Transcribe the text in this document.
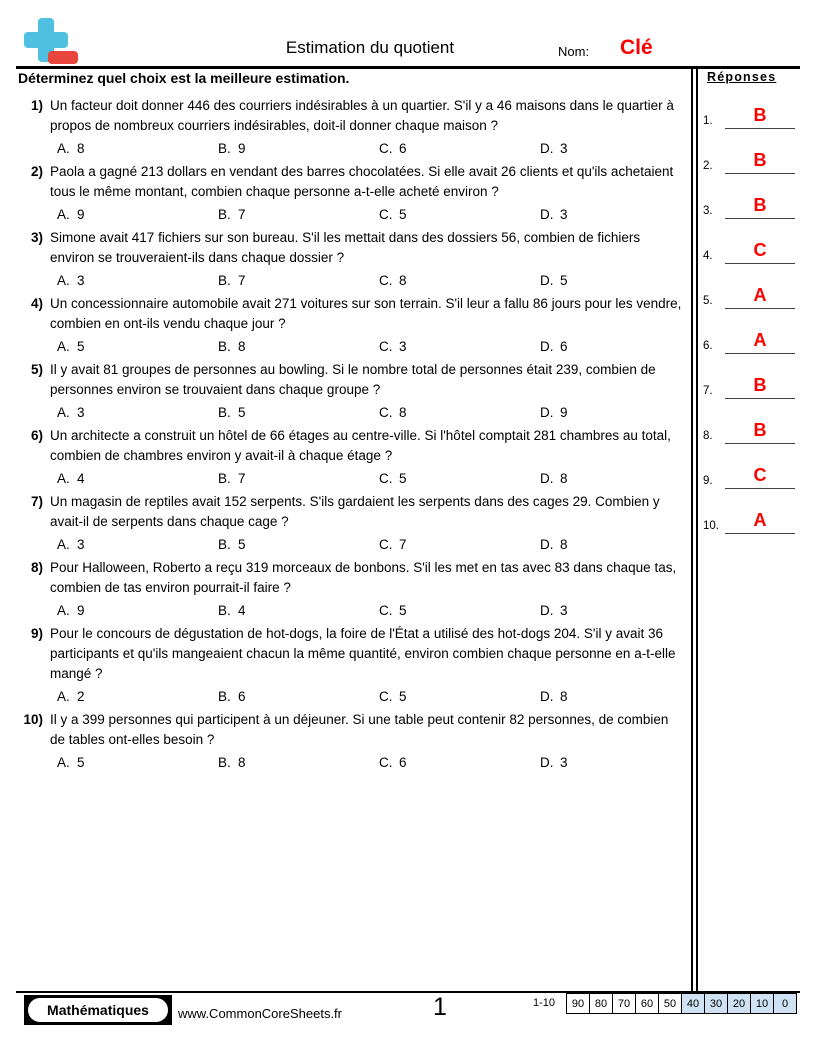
Estimation du quotient	Nom: Clé
Déterminez quel choix est la meilleure estimation.
1) Un facteur doit donner 446 des courriers indésirables à un quartier. S'il y a 46 maisons dans le quartier à propos de nombreux courriers indésirables, doit-il donner chaque maison ?
A. 8	B. 9	C. 6	D. 3
2) Paola a gagné 213 dollars en vendant des barres chocolatées. Si elle avait 26 clients et qu'ils achetaient tous le même montant, combien chaque personne a-t-elle acheté environ ?
A. 9	B. 7	C. 5	D. 3
3) Simone avait 417 fichiers sur son bureau. S'il les mettait dans des dossiers 56, combien de fichiers environ se trouveraient-ils dans chaque dossier ?
A. 3	B. 7	C. 8	D. 5
4) Un concessionnaire automobile avait 271 voitures sur son terrain. S'il leur a fallu 86 jours pour les vendre, combien en ont-ils vendu chaque jour ?
A. 5	B. 8	C. 3	D. 6
5) Il y avait 81 groupes de personnes au bowling. Si le nombre total de personnes était 239, combien de personnes environ se trouvaient dans chaque groupe ?
A. 3	B. 5	C. 8	D. 9
6) Un architecte a construit un hôtel de 66 étages au centre-ville. Si l'hôtel comptait 281 chambres au total, combien de chambres environ y avait-il à chaque étage ?
A. 4	B. 7	C. 5	D. 8
7) Un magasin de reptiles avait 152 serpents. S'ils gardaient les serpents dans des cages 29. Combien y avait-il de serpents dans chaque cage ?
A. 3	B. 5	C. 7	D. 8
8) Pour Halloween, Roberto a reçu 319 morceaux de bonbons. S'il les met en tas avec 83 dans chaque tas, combien de tas environ pourrait-il faire ?
A. 9	B. 4	C. 5	D. 3
9) Pour le concours de dégustation de hot-dogs, la foire de l'État a utilisé des hot-dogs 204. S'il y avait 36 participants et qu'ils mangeaient chacun la même quantité, environ combien chaque personne en a-t-elle mangé ?
A. 2	B. 6	C. 5	D. 8
10) Il y a 399 personnes qui participent à un déjeuner. Si une table peut contenir 82 personnes, de combien de tables ont-elles besoin ?
A. 5	B. 8	C. 6	D. 3
Réponses
1.	B
2.	B
3.	B
4.	C
5.	A
6.	A
7.	B
8.	B
9.	C
10.	A
Mathématiques www.CommonCoreSheets.fr	1	1-10	90 80 70 60 50 40 30 20 10	0
